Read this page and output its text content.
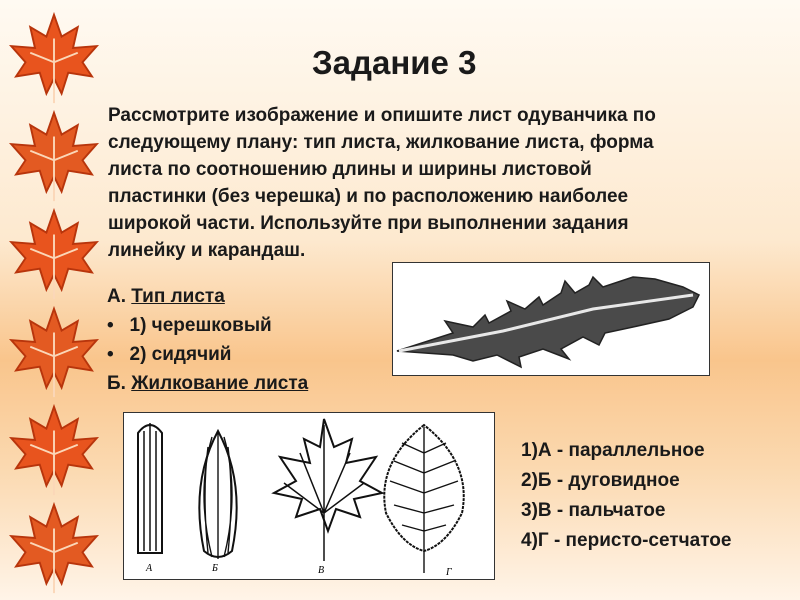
Задание 3

Рассмотрите изображение и опишите лист одуванчика по
следующему плану: тип листа, жилкование листа, форма
листа по соотношению длины и ширины листовой
пластинки (без черешка) и по расположению наиболее
широкой части. Используйте при выполнении задания
линейку и карандаш.

А. Тип листа
• 1) черешковый
• 2) сидячий
Б. Жилкование листа
А	Б	В	Г
1)А - параллельное
2)Б - дуговидное
3)В - пальчатое
4)Г - перисто-сетчатое
